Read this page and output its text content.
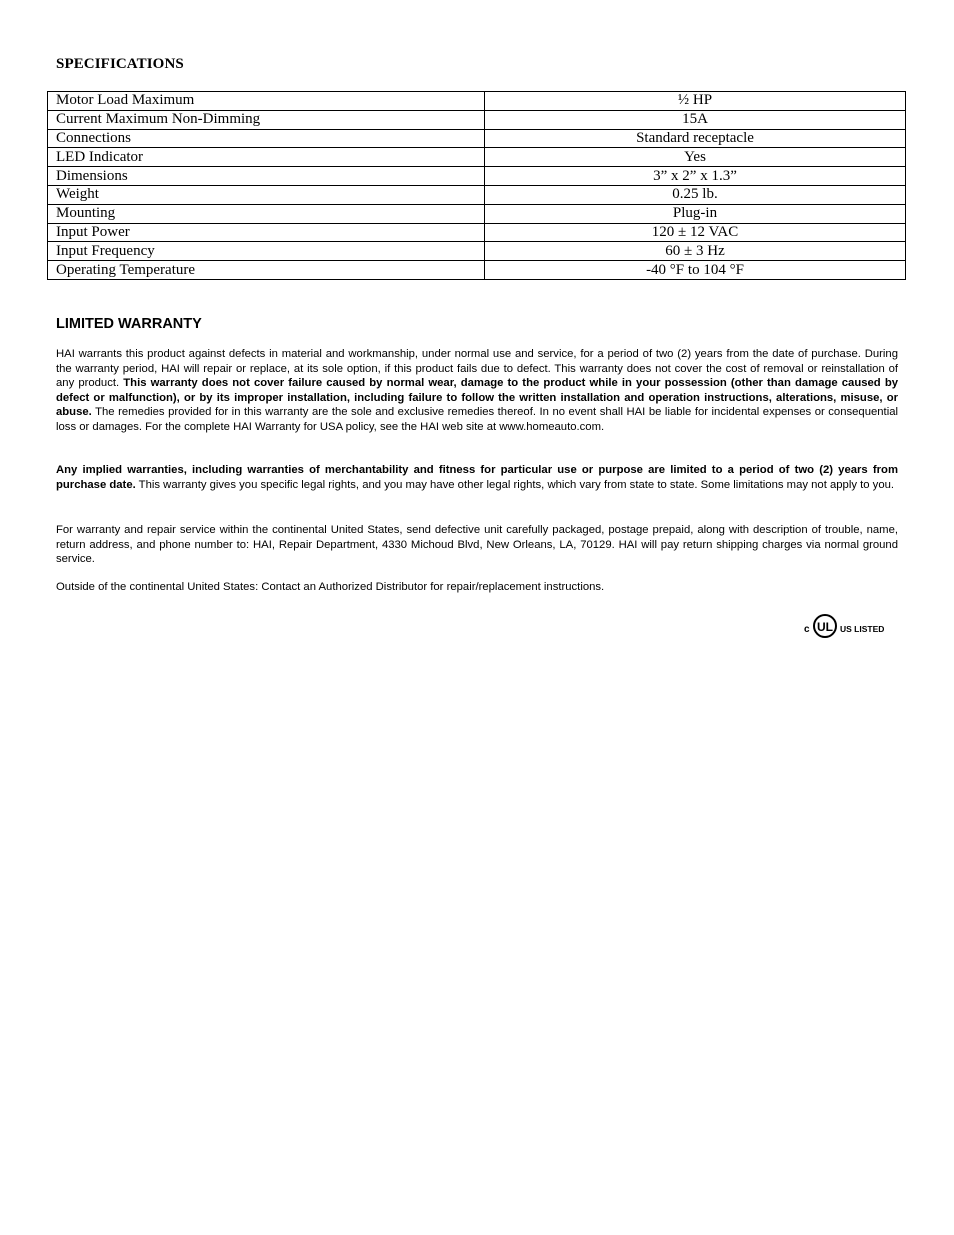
SPECIFICATIONS
Motor Load Maximum	½ HP
Current Maximum Non-Dimming	15A
Connections	Standard receptacle
LED Indicator	Yes
Dimensions	3” x 2” x 1.3”
Weight	0.25 lb.
Mounting	Plug-in
Input Power	120 ± 12 VAC
Input Frequency	60 ± 3 Hz
Operating Temperature	-40 °F to 104 °F
LIMITED WARRANTY

HAI warrants this product against defects in material and workmanship, under normal use and service, for a period of two (2) years from the date of purchase. During the warranty period, HAI will repair or replace, at its sole option, if this product fails due to defect. This warranty does not cover the cost of removal or reinstallation of any product. This warranty does not cover failure caused by normal wear, damage to the product while in your possession (other than damage caused by defect or malfunction), or by its improper installation, including failure to follow the written installation and operation instructions, alterations, misuse, or abuse. The remedies provided for in this warranty are the sole and exclusive remedies thereof. In no event shall HAI be liable for incidental expenses or consequential loss or damages. For the complete HAI Warranty for USA policy, see the HAI web site at www.homeauto.com.

Any implied warranties, including warranties of merchantability and fitness for particular use or purpose are limited to a period of two (2) years from purchase date. This warranty gives you specific legal rights, and you may have other legal rights, which vary from state to state. Some limitations may not apply to you.

For warranty and repair service within the continental United States, send defective unit carefully packaged, postage prepaid, along with description of trouble, name, return address, and phone number to: HAI, Repair Department, 4330 Michoud Blvd, New Orleans, LA, 70129. HAI will pay return shipping charges via normal ground service.

Outside of the continental United States: Contact an Authorized Distributor for repair/replacement instructions.

c UL US LISTED
